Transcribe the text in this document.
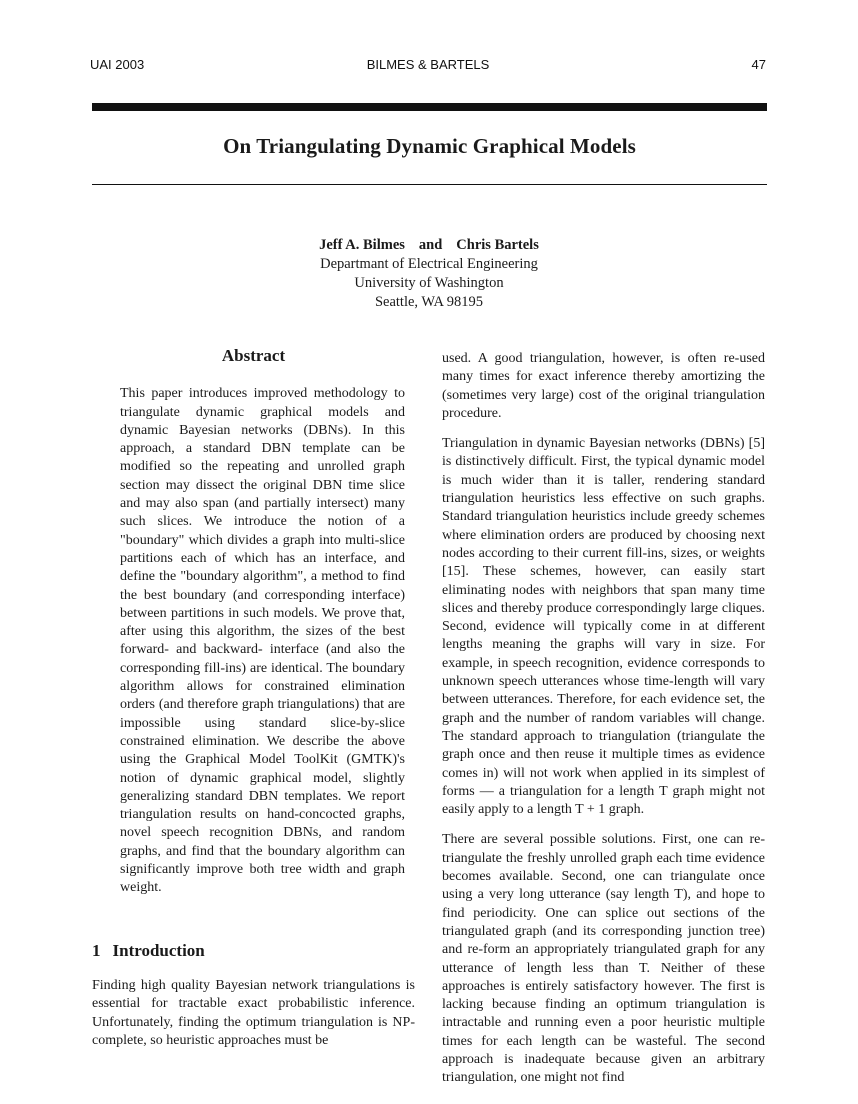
UAI 2003	BILMES & BARTELS	47
On Triangulating Dynamic Graphical Models
Jeff A. Bilmes and Chris Bartels
Departmant of Electrical Engineering
University of Washington
Seattle, WA 98195
Abstract
This paper introduces improved methodology to triangulate dynamic graphical models and dynamic Bayesian networks (DBNs). In this approach, a standard DBN template can be modified so the repeating and unrolled graph section may dissect the original DBN time slice and may also span (and partially intersect) many such slices. We introduce the notion of a "boundary" which divides a graph into multi-slice partitions each of which has an interface, and define the "boundary algorithm", a method to find the best boundary (and corresponding interface) between partitions in such models. We prove that, after using this algorithm, the sizes of the best forward- and backward- interface (and also the corresponding fill-ins) are identical. The boundary algorithm allows for constrained elimination orders (and therefore graph triangulations) that are impossible using standard slice-by-slice constrained elimination. We describe the above using the Graphical Model ToolKit (GMTK)'s notion of dynamic graphical model, slightly generalizing standard DBN templates. We report triangulation results on hand-concocted graphs, novel speech recognition DBNs, and random graphs, and find that the boundary algorithm can significantly improve both tree width and graph weight.
1 Introduction
Finding high quality Bayesian network triangulations is essential for tractable exact probabilistic inference. Unfortunately, finding the optimum triangulation is NP-complete, so heuristic approaches must be
used. A good triangulation, however, is often re-used many times for exact inference thereby amortizing the (sometimes very large) cost of the original triangulation procedure.
Triangulation in dynamic Bayesian networks (DBNs) [5] is distinctively difficult. First, the typical dynamic model is much wider than it is taller, rendering standard triangulation heuristics less effective on such graphs. Standard triangulation heuristics include greedy schemes where elimination orders are produced by choosing next nodes according to their current fill-ins, sizes, or weights [15]. These schemes, however, can easily start eliminating nodes with neighbors that span many time slices and thereby produce correspondingly large cliques. Second, evidence will typically come in at different lengths meaning the graphs will vary in size. For example, in speech recognition, evidence corresponds to unknown speech utterances whose time-length will vary between utterances. Therefore, for each evidence set, the graph and the number of random variables will change. The standard approach to triangulation (triangulate the graph once and then reuse it multiple times as evidence comes in) will not work when applied in its simplest of forms — a triangulation for a length T graph might not easily apply to a length T + 1 graph.
There are several possible solutions. First, one can re-triangulate the freshly unrolled graph each time evidence becomes available. Second, one can triangulate once using a very long utterance (say length T), and hope to find periodicity. One can splice out sections of the triangulated graph (and its corresponding junction tree) and re-form an appropriately triangulated graph for any utterance of length less than T. Neither of these approaches is entirely satisfactory however. The first is lacking because finding an optimum triangulation is intractable and running even a poor heuristic multiple times for each length can be wasteful. The second approach is inadequate because given an arbitrary triangulation, one might not find
